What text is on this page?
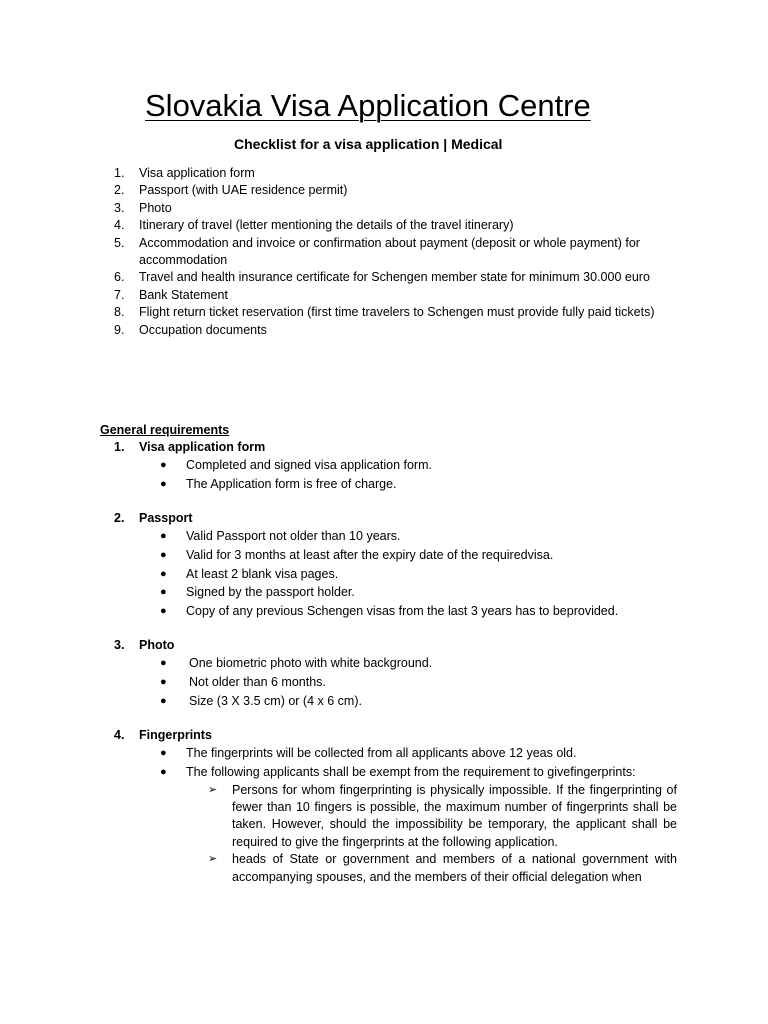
Slovakia Visa Application Centre
Checklist for a visa application | Medical
1. Visa application form
2. Passport (with UAE residence permit)
3. Photo
4. Itinerary of travel (letter mentioning the details of the travel itinerary)
5. Accommodation and invoice or confirmation about payment (deposit or whole payment) for accommodation
6. Travel and health insurance certificate for Schengen member state for minimum 30.000 euro
7. Bank Statement
8. Flight return ticket reservation (first time travelers to Schengen must provide fully paid tickets)
9. Occupation documents
General requirements
1. Visa application form
● Completed and signed visa application form.
● The Application form is free of charge.
2. Passport
● Valid Passport not older than 10 years.
● Valid for 3 months at least after the expiry date of the requiredvisa.
● At least 2 blank visa pages.
● Signed by the passport holder.
● Copy of any previous Schengen visas from the last 3 years has to beprovided.
3. Photo
● One biometric photo with white background.
● Not older than 6 months.
● Size (3 X 3.5 cm) or (4 x 6 cm).
4. Fingerprints
● The fingerprints will be collected from all applicants above 12 yeas old.
● The following applicants shall be exempt from the requirement to givefingerprints:
➢ Persons for whom fingerprinting is physically impossible. If the fingerprinting of fewer than 10 fingers is possible, the maximum number of fingerprints shall be taken. However, should the impossibility be temporary, the applicant shall be required to give the fingerprints at the following application.
➢ heads of State or government and members of a national government with accompanying spouses, and the members of their official delegation when
